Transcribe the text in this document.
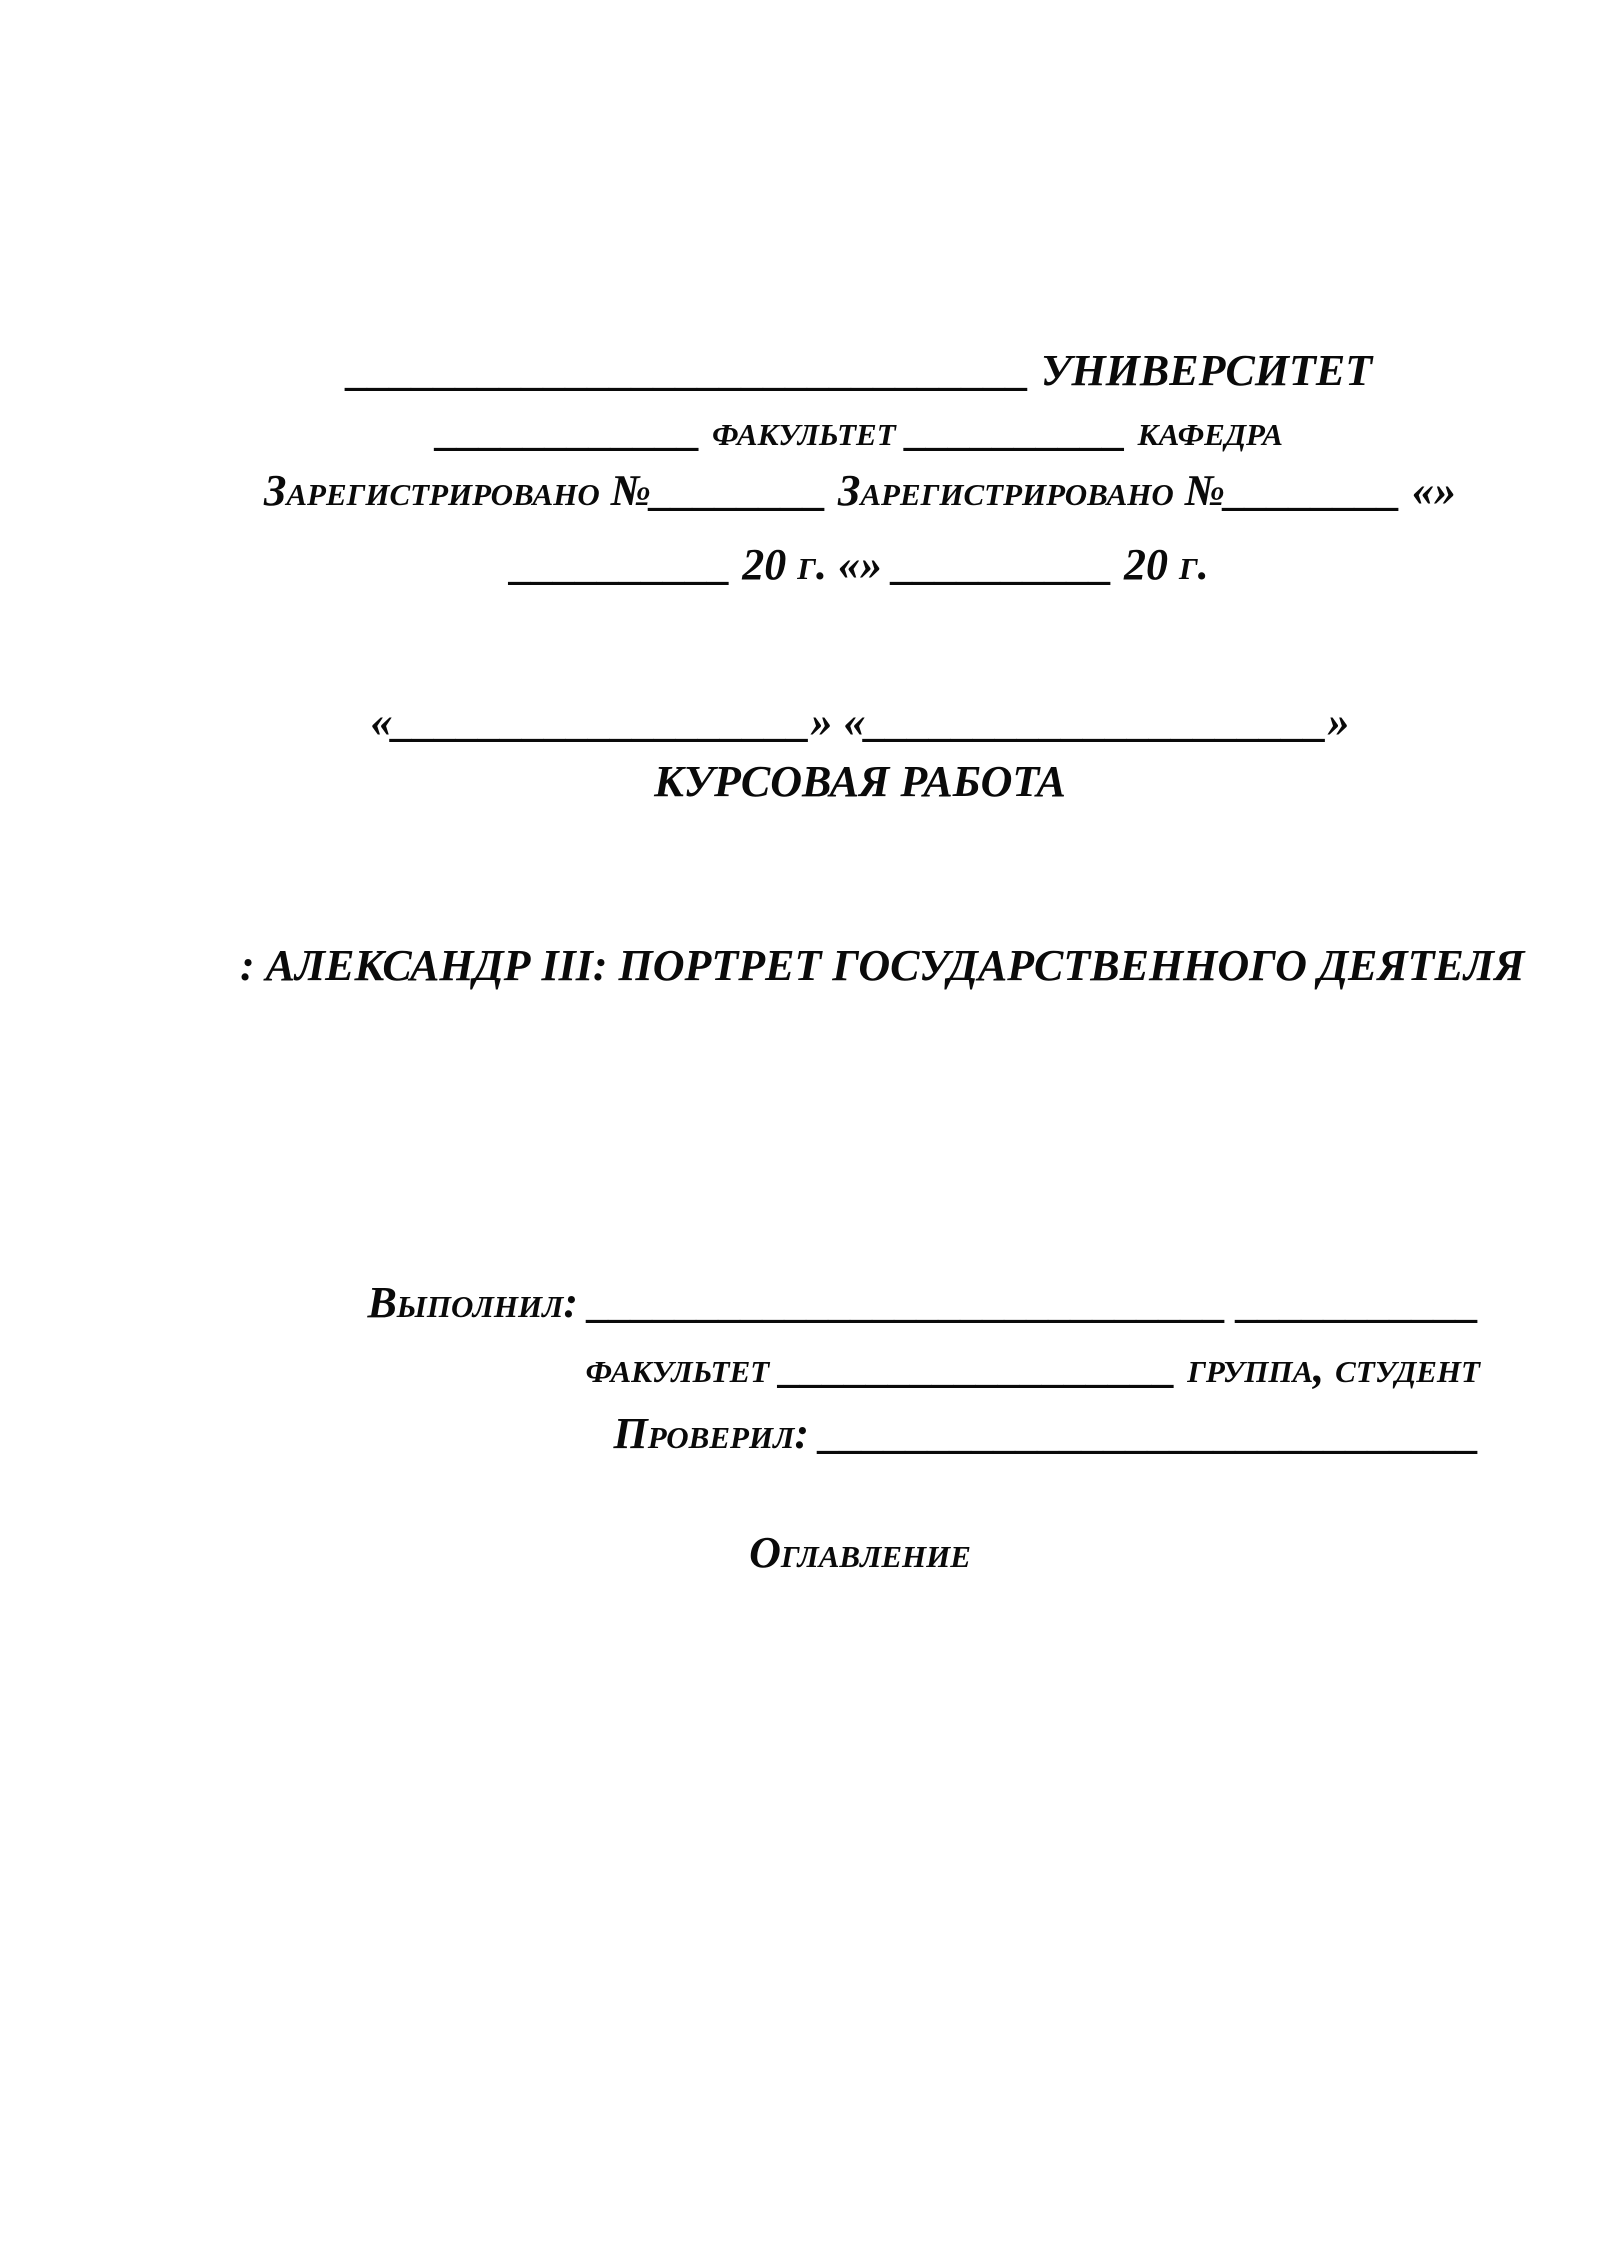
_______________________________ УНИВЕРСИТЕТ
____________ факультет __________ кафедра
Зарегистрировано №________ Зарегистрировано №________ «»
__________ 20 г. «» __________ 20 г.
«___________________» «_____________________»
КУРСОВАЯ РАБОТА
: АЛЕКСАНДР III: ПОРТРЕТ ГОСУДАРСТВЕННОГО ДЕЯТЕЛЯ
Выполнил: _____________________________ ___________
факультет __________________ группа, студент
Проверил: ______________________________
Оглавление
